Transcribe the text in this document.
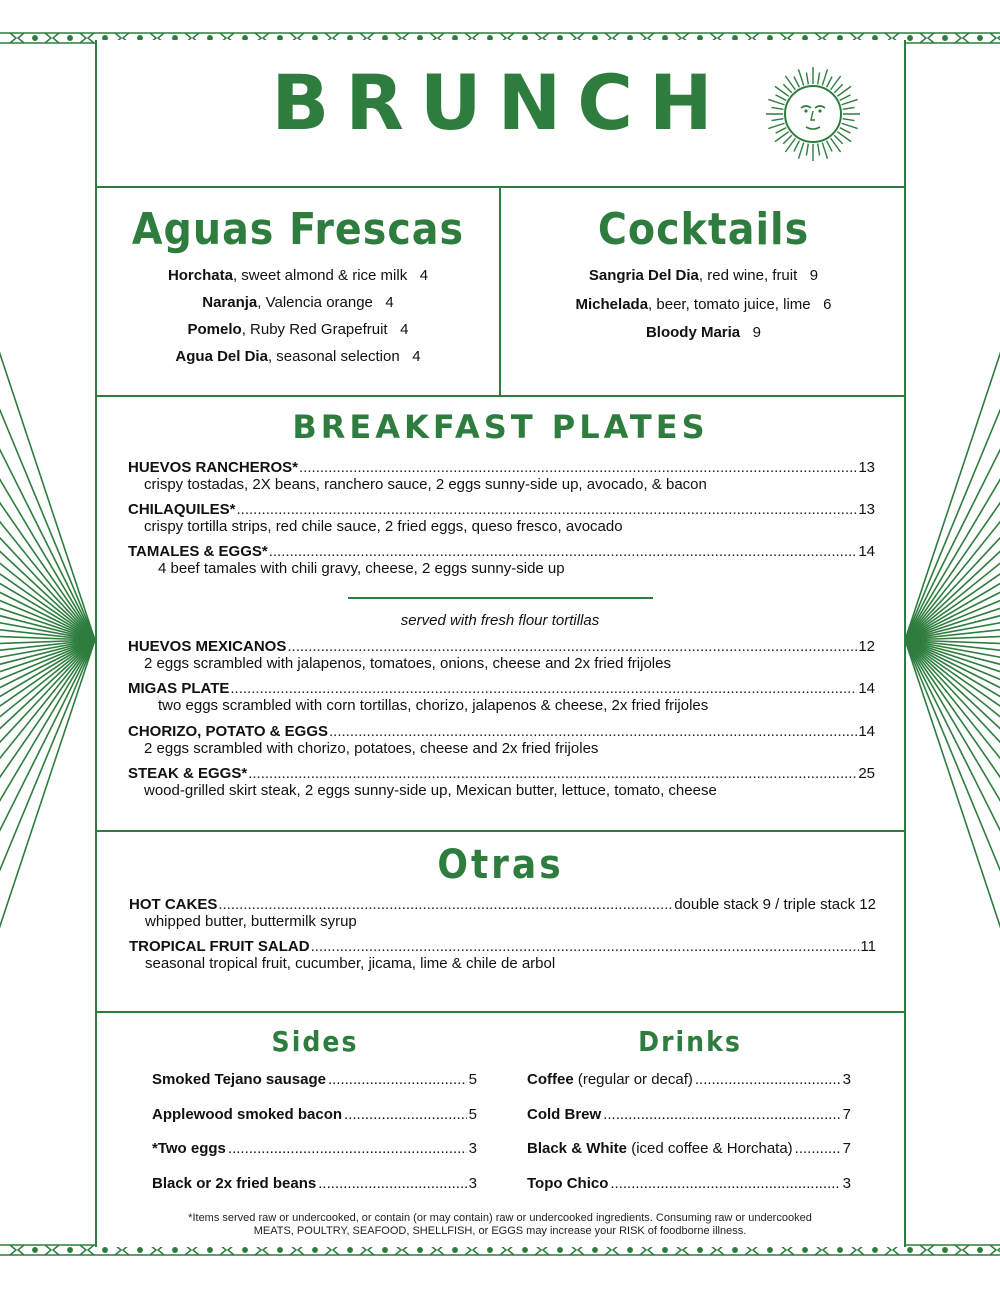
BRUNCH
Aguas Frescas
Horchata, sweet almond & rice milk 4
Naranja, Valencia orange 4
Pomelo, Ruby Red Grapefruit 4
Agua Del Dia, seasonal selection 4
Cocktails
Sangria Del Dia, red wine, fruit 9
Michelada, beer, tomato juice, lime 6
Bloody Maria 9
BREAKFAST PLATES
HUEVOS RANCHEROS* .....	13
crispy tostadas, 2X beans, ranchero sauce, 2 eggs sunny-side up, avocado, & bacon
CHILAQUILES* .....	13
crispy tortilla strips, red chile sauce, 2 fried eggs, queso fresco, avocado
TAMALES & EGGS* .....	14
4 beef tamales with chili gravy, cheese, 2 eggs sunny-side up
served with fresh flour tortillas
HUEVOS MEXICANOS .....	12
2 eggs scrambled with jalapenos, tomatoes, onions, cheese and 2x fried frijoles
MIGAS PLATE .....	14
two eggs scrambled with corn tortillas, chorizo, jalapenos & cheese, 2x fried frijoles
CHORIZO, POTATO & EGGS .....	14
2 eggs scrambled with chorizo, potatoes, cheese and 2x fried frijoles
STEAK & EGGS* .....	25
wood-grilled skirt steak, 2 eggs sunny-side up, Mexican butter, lettuce, tomato, cheese
Otras
HOT CAKES .....	double stack 9 / triple stack 12
whipped butter, buttermilk syrup
TROPICAL FRUIT SALAD .....	11
seasonal tropical fruit, cucumber, jicama, lime & chile de arbol
Sides
Smoked Tejano sausage .....	5
Applewood smoked bacon .....	5
*Two eggs .....	3
Black or 2x fried beans .....	3
Drinks
Coffee (regular or decaf) .....	3
Cold Brew .....	7
Black & White (iced coffee & Horchata) .....	7
Topo Chico .....	3
*Items served raw or undercooked, or contain (or may contain) raw or undercooked ingredients. Consuming raw or undercooked
MEATS, POULTRY, SEAFOOD, SHELLFISH, or EGGS may increase your RISK of foodborne illness.
